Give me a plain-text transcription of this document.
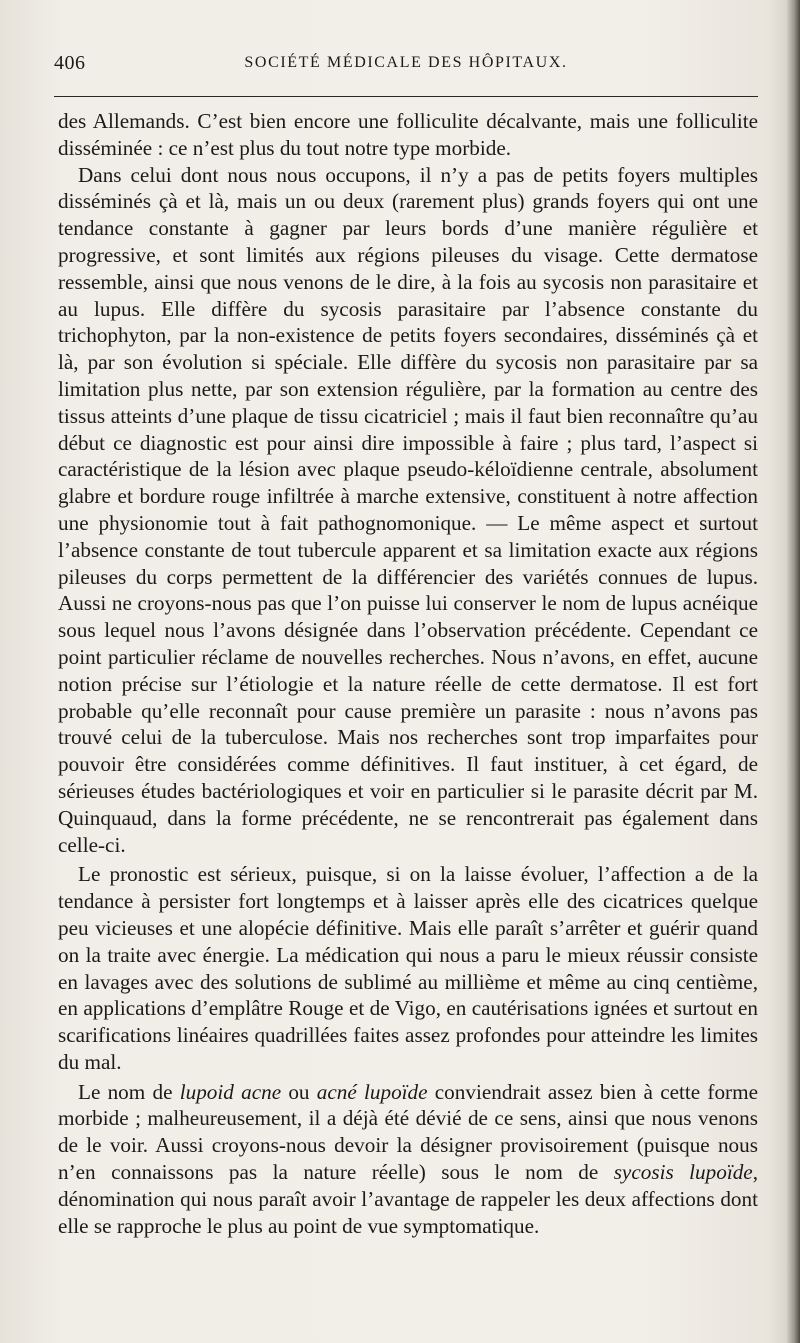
406	SOCIÉTÉ MÉDICALE DES HÔPITAUX.

des Allemands. C’est bien encore une folliculite décalvante, mais une folliculite disséminée : ce n’est plus du tout notre type morbide.

Dans celui dont nous nous occupons, il n’y a pas de petits foyers multiples disséminés çà et là, mais un ou deux (rarement plus) grands foyers qui ont une tendance constante à gagner par leurs bords d’une manière régulière et progressive, et sont limités aux régions pileuses du visage. Cette dermatose ressemble, ainsi que nous venons de le dire, à la fois au sycosis non parasitaire et au lupus. Elle diffère du sycosis parasitaire par l’absence constante du trichophyton, par la non-existence de petits foyers secondaires, disséminés çà et là, par son évolution si spéciale. Elle diffère du sycosis non parasitaire par sa limitation plus nette, par son extension régulière, par la formation au centre des tissus atteints d’une plaque de tissu cicatriciel ; mais il faut bien reconnaître qu’au début ce diagnostic est pour ainsi dire impossible à faire ; plus tard, l’aspect si caractéristique de la lésion avec plaque pseudo-kéloïdienne centrale, absolument glabre et bordure rouge infiltrée à marche extensive, constituent à notre affection une physionomie tout à fait pathognomonique. — Le même aspect et surtout l’absence constante de tout tubercule apparent et sa limitation exacte aux régions pileuses du corps permettent de la différencier des variétés connues de lupus. Aussi ne croyons-nous pas que l’on puisse lui conserver le nom de lupus acnéique sous lequel nous l’avons désignée dans l’observation précédente. Cependant ce point particulier réclame de nouvelles recherches. Nous n’avons, en effet, aucune notion précise sur l’étiologie et la nature réelle de cette dermatose. Il est fort probable qu’elle reconnaît pour cause première un parasite : nous n’avons pas trouvé celui de la tuberculose. Mais nos recherches sont trop imparfaites pour pouvoir être considérées comme définitives. Il faut instituer, à cet égard, de sérieuses études bactériologiques et voir en particulier si le parasite décrit par M. Quinquaud, dans la forme précédente, ne se rencontrerait pas également dans celle-ci.

Le pronostic est sérieux, puisque, si on la laisse évoluer, l’affection a de la tendance à persister fort longtemps et à laisser après elle des cicatrices quelque peu vicieuses et une alopécie définitive. Mais elle paraît s’arrêter et guérir quand on la traite avec énergie. La médication qui nous a paru le mieux réussir consiste en lavages avec des solutions de sublimé au millième et même au cinq centième, en applications d’emplâtre Rouge et de Vigo, en cautérisations ignées et surtout en scarifications linéaires quadrillées faites assez profondes pour atteindre les limites du mal.

Le nom de lupoid acne ou acné lupoïde conviendrait assez bien à cette forme morbide ; malheureusement, il a déjà été dévié de ce sens, ainsi que nous venons de le voir. Aussi croyons-nous devoir la désigner provisoirement (puisque nous n’en connaissons pas la nature réelle) sous le nom de sycosis lupoïde, dénomination qui nous paraît avoir l’avantage de rappeler les deux affections dont elle se rapproche le plus au point de vue symptomatique.
